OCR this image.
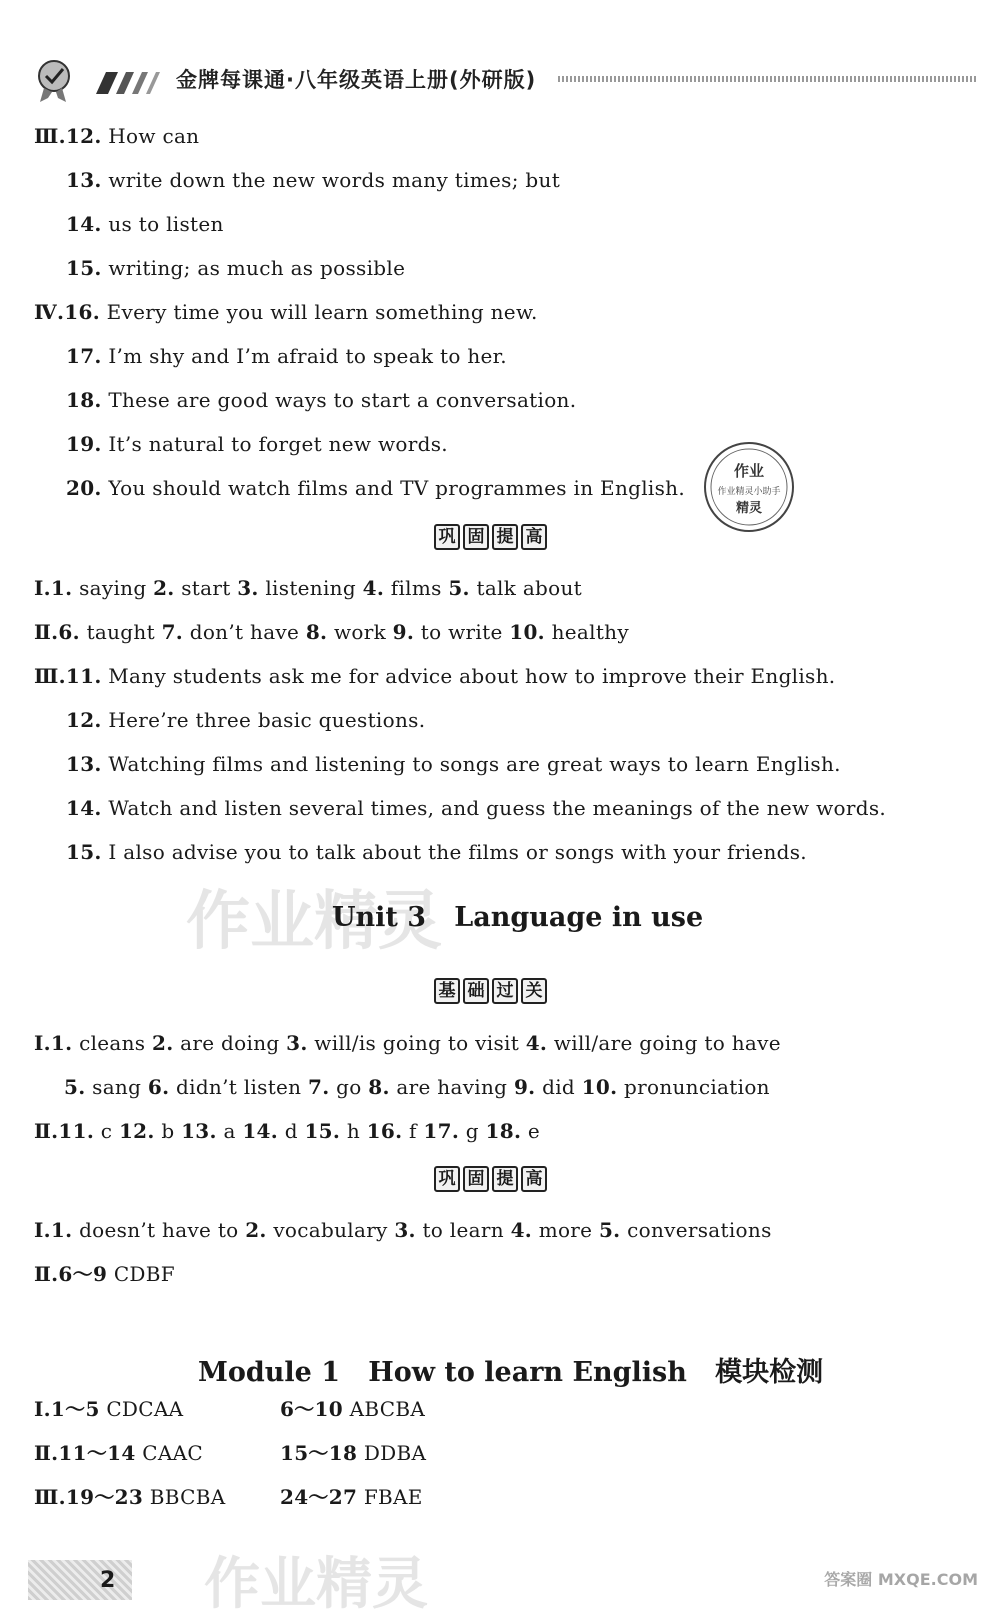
金牌每课通·八年级英语上册(外研版)
Ⅲ.12. How can
13. write down the new words many times; but
14. us to listen
15. writing; as much as possible
Ⅳ.16. Every time you will learn something new.
17. I’m shy and I’m afraid to speak to her.
18. These are good ways to start a conversation.
19. It’s natural to forget new words.
20. You should watch films and TV programmes in English.
作业
作业精灵小助手
精灵
巩 固 提 高
Ⅰ.1. saying 2. start 3. listening 4. films 5. talk about
Ⅱ.6. taught 7. don’t have 8. work 9. to write 10. healthy
Ⅲ.11. Many students ask me for advice about how to improve their English.
12. Here’re three basic questions.
13. Watching films and listening to songs are great ways to learn English.
14. Watch and listen several times, and guess the meanings of the new words.
15. I also advise you to talk about the films or songs with your friends.
作业精灵
Unit 3   Language in use
基 础 过 关
Ⅰ.1. cleans 2. are doing 3. will/is going to visit 4. will/are going to have
5. sang 6. didn’t listen 7. go 8. are having 9. did 10. pronunciation
Ⅱ.11. c 12. b 13. a 14. d 15. h 16. f 17. g 18. e
巩 固 提 高
Ⅰ.1. doesn’t have to 2. vocabulary 3. to learn 4. more 5. conversations
Ⅱ.6～9 CDBF
Module 1   How to learn English   模块检测
Ⅰ.1～5 CDCAA	6～10 ABCBA
Ⅱ.11～14 CAAC	15～18 DDBA
Ⅲ.19～23 BBCBA	24～27 FBAE
作业精灵	答案圈 MXQE.COM
2
